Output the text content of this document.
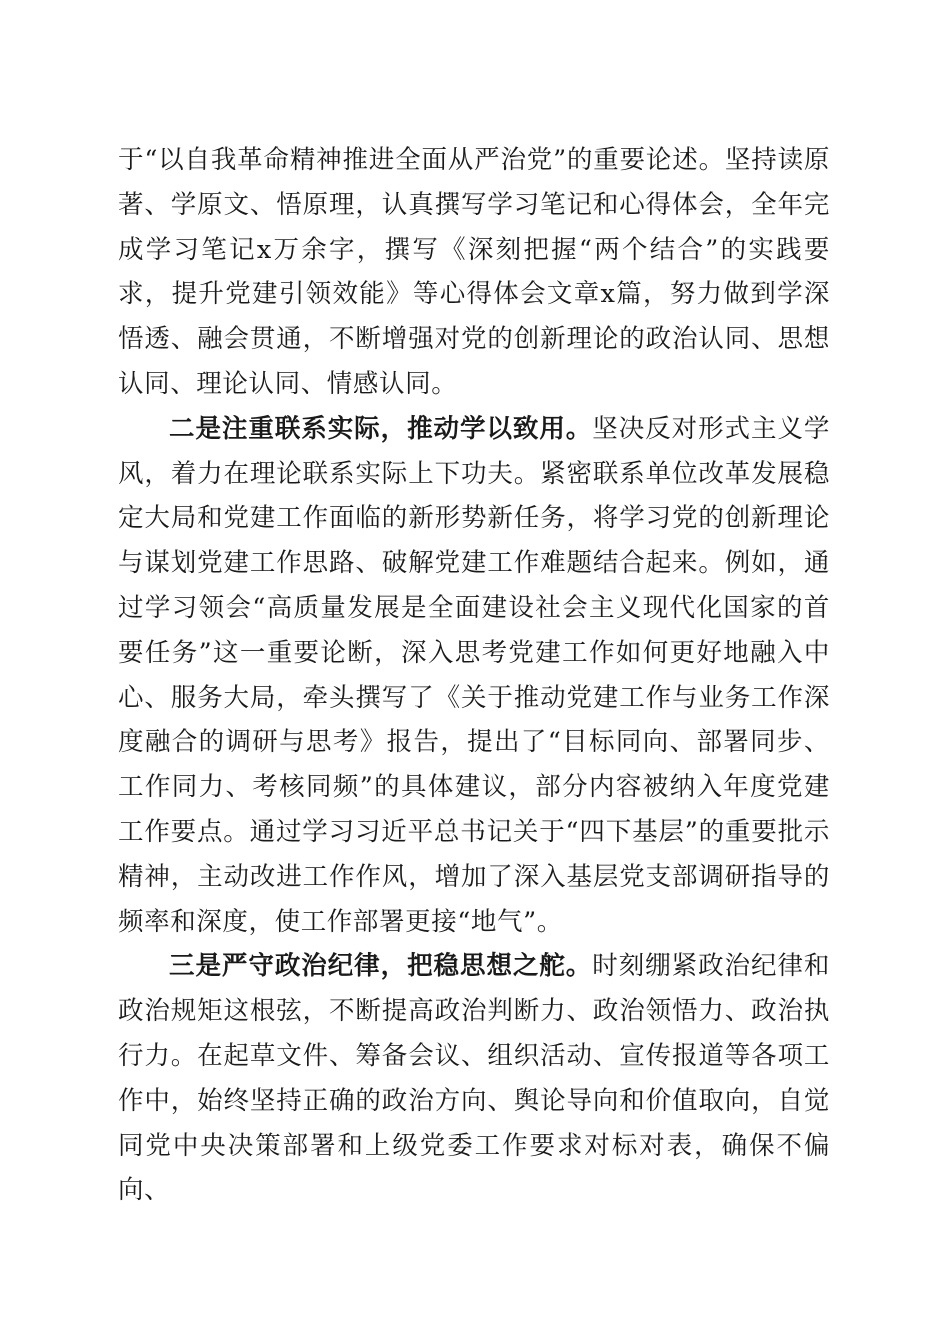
于“以自我革命精神推进全面从严治党”的重要论述。坚持读原著、学原文、悟原理，认真撰写学习笔记和心得体会，全年完成学习笔记x万余字，撰写《深刻把握“两个结合”的实践要求，提升党建引领效能》等心得体会文章x篇，努力做到学深悟透、融会贯通，不断增强对党的创新理论的政治认同、思想认同、理论认同、情感认同。

二是注重联系实际，推动学以致用。坚决反对形式主义学风，着力在理论联系实际上下功夫。紧密联系单位改革发展稳定大局和党建工作面临的新形势新任务，将学习党的创新理论与谋划党建工作思路、破解党建工作难题结合起来。例如，通过学习领会“高质量发展是全面建设社会主义现代化国家的首要任务”这一重要论断，深入思考党建工作如何更好地融入中心、服务大局，牵头撰写了《关于推动党建工作与业务工作深度融合的调研与思考》报告，提出了“目标同向、部署同步、工作同力、考核同频”的具体建议，部分内容被纳入年度党建工作要点。通过学习习近平总书记关于“四下基层”的重要批示精神，主动改进工作作风，增加了深入基层党支部调研指导的频率和深度，使工作部署更接“地气”。

三是严守政治纪律，把稳思想之舵。时刻绷紧政治纪律和政治规矩这根弦，不断提高政治判断力、政治领悟力、政治执行力。在起草文件、筹备会议、组织活动、宣传报道等各项工作中，始终坚持正确的政治方向、舆论导向和价值取向，自觉同党中央决策部署和上级党委工作要求对标对表，确保不偏向、
